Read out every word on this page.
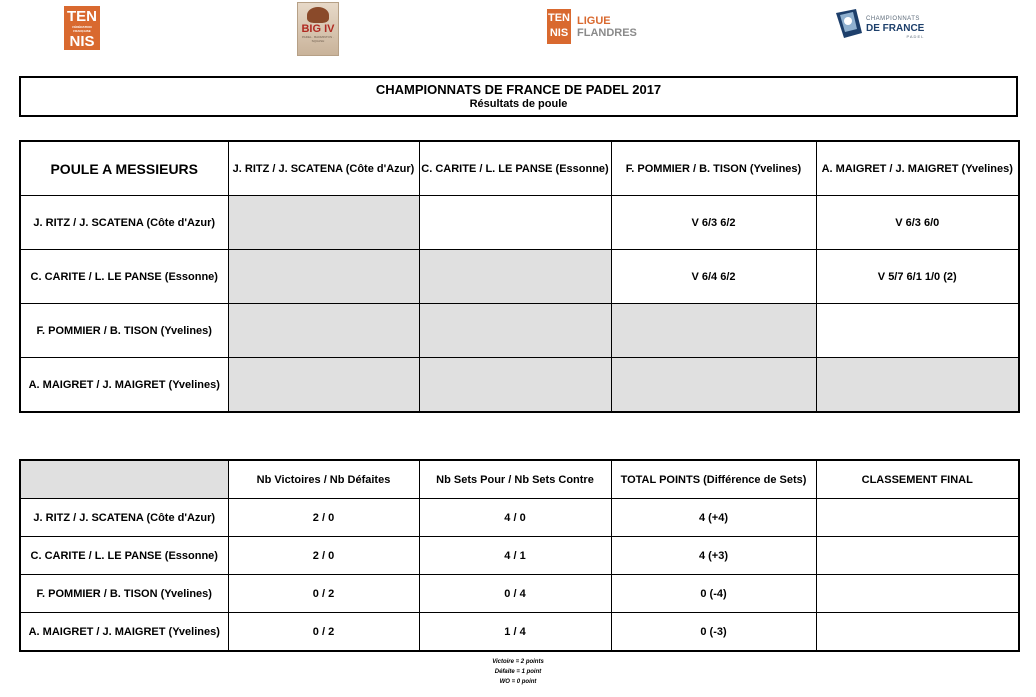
TEN
FÉDÉRATION FRANÇAISE
NIS
BIG IV
PADEL · BADMINTON · SQUASH
TEN
NIS
LIGUE
FLANDRES
CHAMPIONNATS
DE FRANCE
PADEL
CHAMPIONNATS DE FRANCE DE PADEL 2017
Résultats de poule
POULE A MESSIEURS	J. RITZ / J. SCATENA (Côte d'Azur)	C. CARITE / L. LE PANSE (Essonne)	F. POMMIER / B. TISON (Yvelines)	A. MAIGRET / J. MAIGRET (Yvelines)
J. RITZ / J. SCATENA (Côte d'Azur)			V 6/3 6/2	V 6/3 6/0
C. CARITE / L. LE PANSE (Essonne)			V 6/4 6/2	V 5/7 6/1 1/0 (2)
F. POMMIER / B. TISON (Yvelines)				
A. MAIGRET / J. MAIGRET (Yvelines)				
	Nb Victoires / Nb Défaites	Nb Sets Pour / Nb Sets Contre	TOTAL POINTS (Différence de Sets)	CLASSEMENT FINAL
J. RITZ / J. SCATENA (Côte d'Azur)	2 / 0	4 / 0	4 (+4)	
C. CARITE / L. LE PANSE (Essonne)	2 / 0	4 / 1	4 (+3)	
F. POMMIER / B. TISON (Yvelines)	0 / 2	0 / 4	0 (-4)	
A. MAIGRET / J. MAIGRET (Yvelines)	0 / 2	1 / 4	0 (-3)	
Victoire = 2 points
Défaite = 1 point
WO = 0 point
